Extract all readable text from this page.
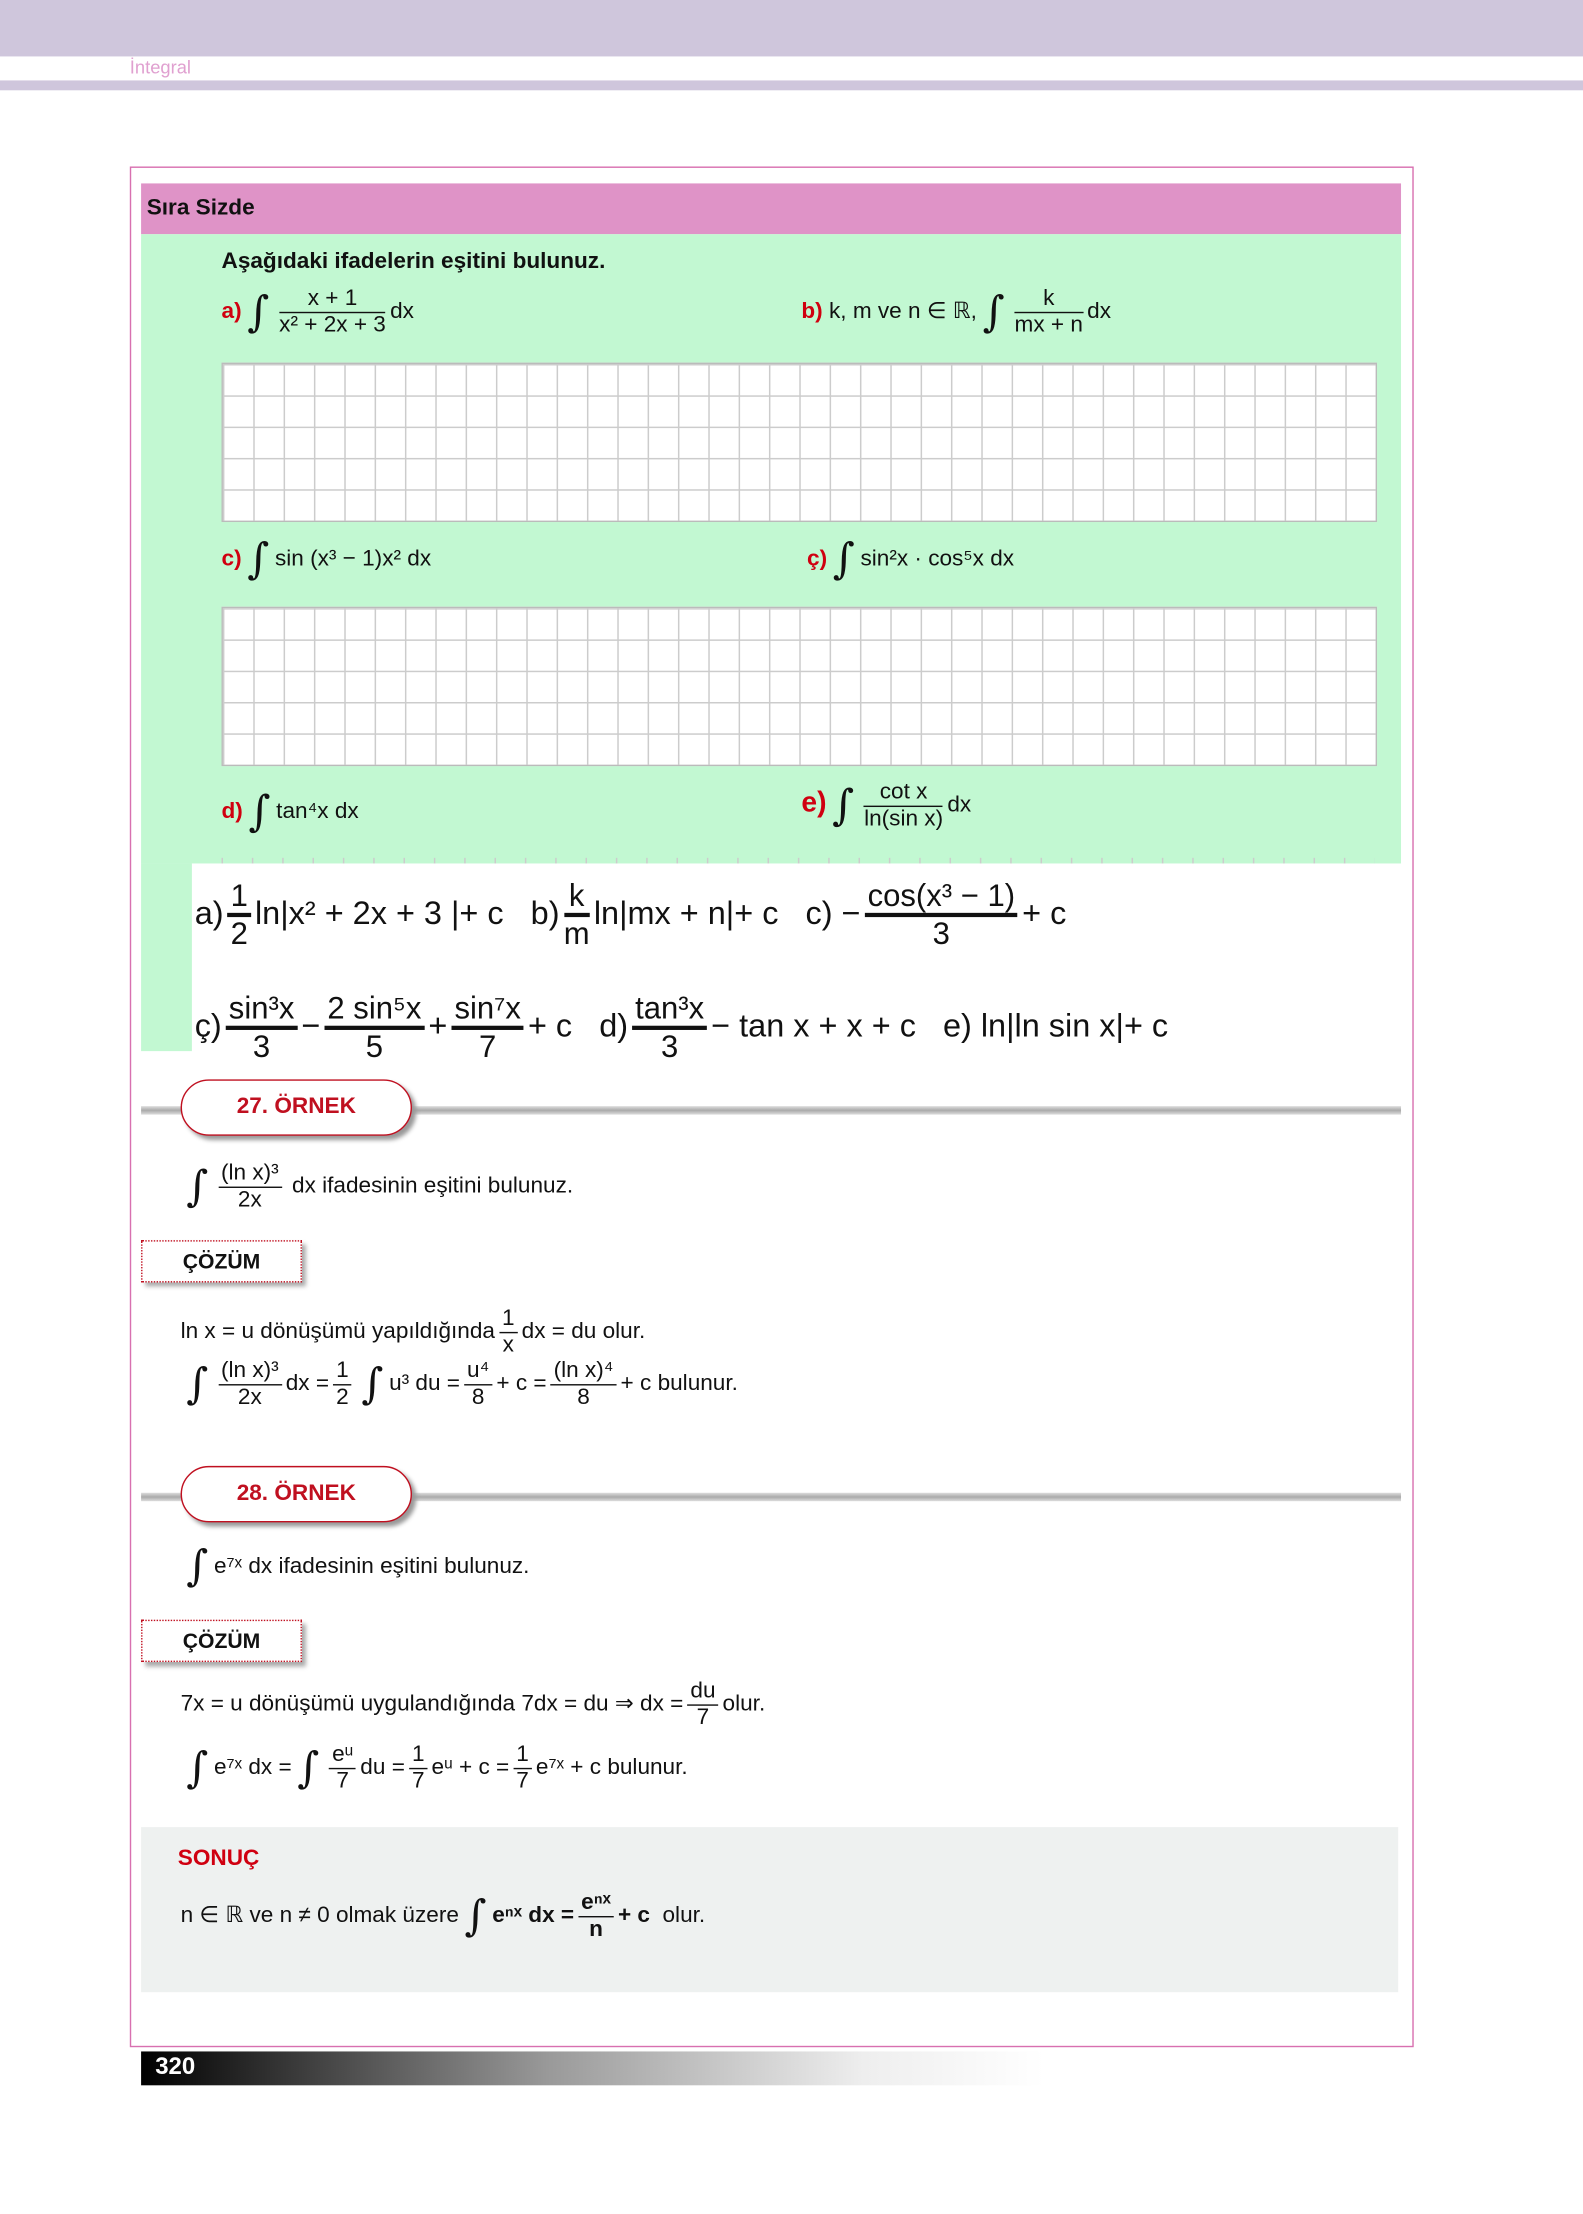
İntegral
Sıra Sizde
Aşağıdaki ifadelerin eşitini bulunuz.
a) ∫ $\frac{x + 1}{\text{x² + 2x + 3}}$ dx	b) k, m ve n ∈ ℝ, ∫ $\frac{k}{mx + n}$ dx
c) ∫ sin (x³ − 1)x² dx	ç) ∫ sin²x · cos⁵x dx
d) ∫ tan⁴x dx	e) ∫ $\frac{\text{cot x}}{\text{ln(sin x)}}$ dx
$a) \frac{1}{2} \ln|x^2 + 2x + 3$ |+ c $b) \frac{k}{m} \ln|mx + n|+ c$ $c) - \frac{\text{cos(x³ − 1)}}{3} + c$
ç) $\frac{\text{sin³x}}{3} - \frac{\text{2 sin⁵x}}{5} + \frac{\text{sin⁷x}}{7} + c$ $d) \frac{\text{tan³x}}{3} - \tan x + x + c$ e) ln|ln sin x|+ c
27. ÖRNEK
∫ $\frac{\text{(ln x)³}}{2x}$ dx ifadesinin eşitini bulunuz.
ÇÖZÜM
ln x = u dönüşümü yapıldığında $\frac{1}{x}$ dx = du olur.
∫ $\frac{\text{(ln x)³}}{2x}$ dx = $\frac{1}{2}$ ∫ u³ du = $\frac{\text{u⁴}}{8} + c = \frac{\text{(ln x)⁴}}{8} + c$ bulunur.
28. ÖRNEK
∫ e⁷ˣ dx ifadesinin eşitini bulunuz.
ÇÖZÜM
7x = u dönüşümü uygulandığında 7dx = du ⇒ dx = $\frac{du}{7}$ olur.
∫ e⁷ˣ dx = ∫ $\frac{\text{eᵘ}}{7}$ du = $\frac{1}{7}$ eᵘ + $c = \frac{1}{7}$ e⁷ˣ + c bulunur.
SONUÇ
n ∈ ℝ ve n ≠ 0 olmak üzere ∫ eⁿˣ dx = $\frac{\text{eⁿˣ}}{n} + c$ olur.
320
